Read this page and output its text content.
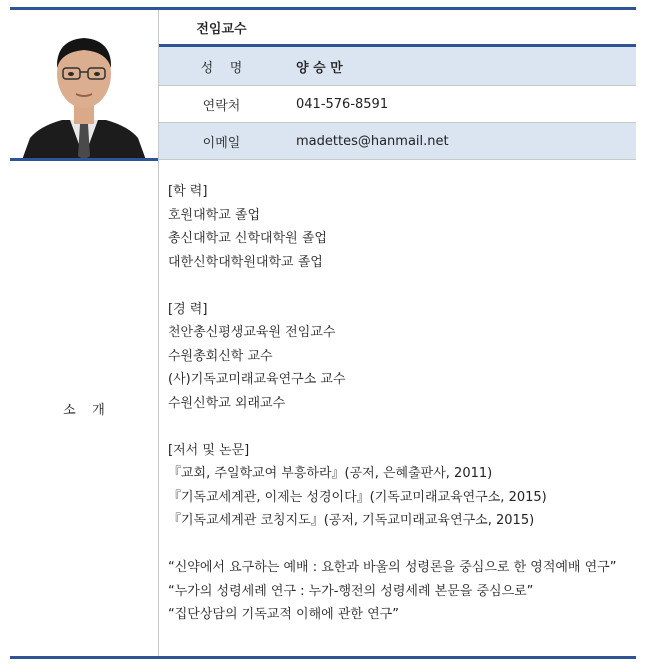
전임교수
성    명	양 승 만
연락처	041-576-8591
이메일	madettes@hanmail.net
소    개

[학 력]

호원대학교 졸업

총신대학교 신학대학원 졸업

대한신학대학원대학교 졸업

[경 력]

천안총신평생교육원 전임교수

수원총회신학 교수

(사)기독교미래교육연구소 교수

수원신학교 외래교수

[저서 및 논문]

『교회, 주일학교여 부흥하라』(공저, 은혜출판사, 2011)

『기독교세계관, 이제는 성경이다』(기독교미래교육연구소, 2015)

『기독교세계관 코칭지도』(공저, 기독교미래교육연구소, 2015)

“신약에서 요구하는 예배 : 요한과 바울의 성령론을 중심으로 한 영적예배 연구”

“누가의 성령세례 연구 : 누가-행전의 성령세례 본문을 중심으로”

“집단상담의 기독교적 이해에 관한 연구”
